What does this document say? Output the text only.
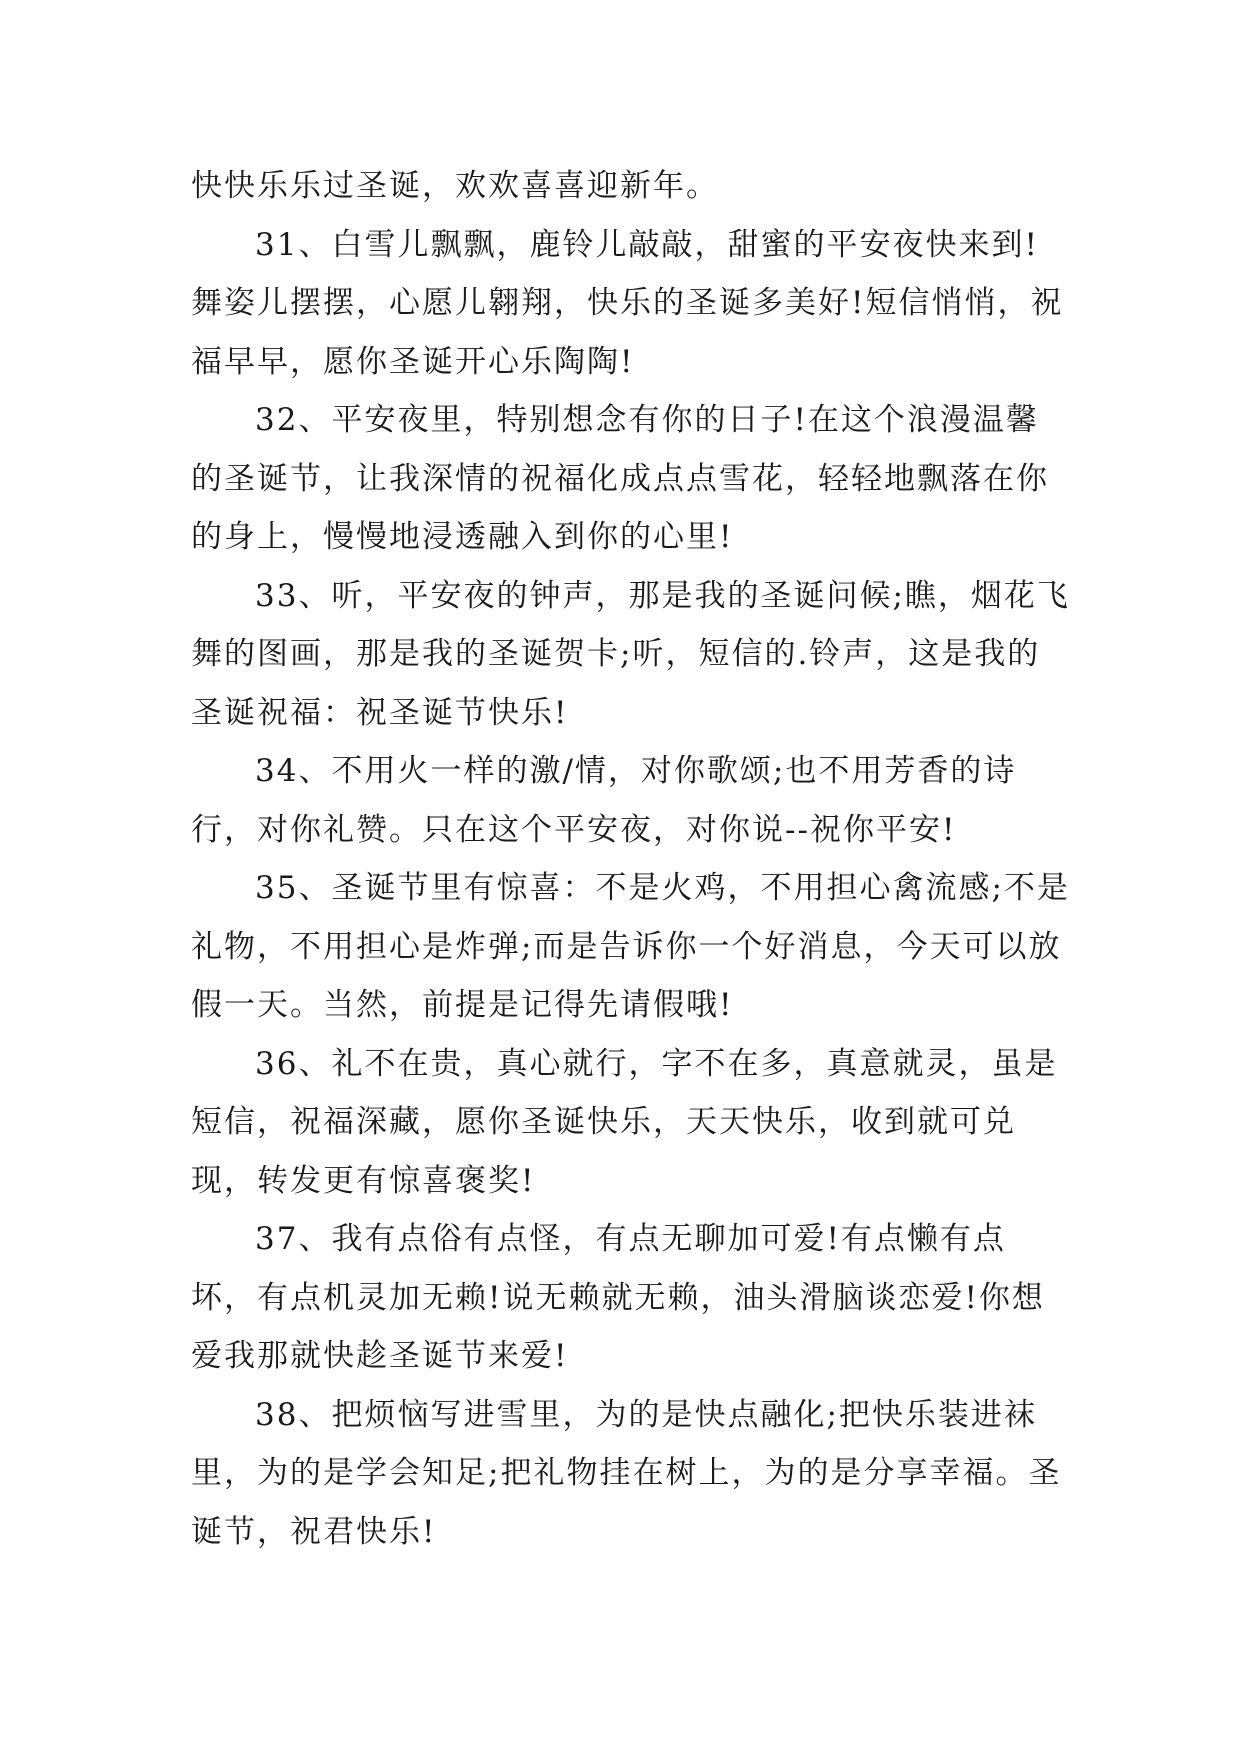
快快乐乐过圣诞，欢欢喜喜迎新年。

31、白雪儿飘飘，鹿铃儿敲敲，甜蜜的平安夜快来到!舞姿儿摆摆，心愿儿翱翔，快乐的圣诞多美好!短信悄悄，祝福早早，愿你圣诞开心乐陶陶!

32、平安夜里，特别想念有你的日子!在这个浪漫温馨的圣诞节，让我深情的祝福化成点点雪花，轻轻地飘落在你的身上，慢慢地浸透融入到你的心里!

33、听，平安夜的钟声，那是我的圣诞问候;瞧，烟花飞舞的图画，那是我的圣诞贺卡;听，短信的.铃声，这是我的圣诞祝福：祝圣诞节快乐!

34、不用火一样的激/情，对你歌颂;也不用芳香的诗行，对你礼赞。只在这个平安夜，对你说--祝你平安!

35、圣诞节里有惊喜：不是火鸡，不用担心禽流感;不是礼物，不用担心是炸弹;而是告诉你一个好消息，今天可以放假一天。当然，前提是记得先请假哦!

36、礼不在贵，真心就行，字不在多，真意就灵，虽是短信，祝福深藏，愿你圣诞快乐，天天快乐，收到就可兑现，转发更有惊喜褒奖!

37、我有点俗有点怪，有点无聊加可爱!有点懒有点坏，有点机灵加无赖!说无赖就无赖，油头滑脑谈恋爱!你想爱我那就快趁圣诞节来爱!

38、把烦恼写进雪里，为的是快点融化;把快乐装进袜里，为的是学会知足;把礼物挂在树上，为的是分享幸福。圣诞节，祝君快乐!
